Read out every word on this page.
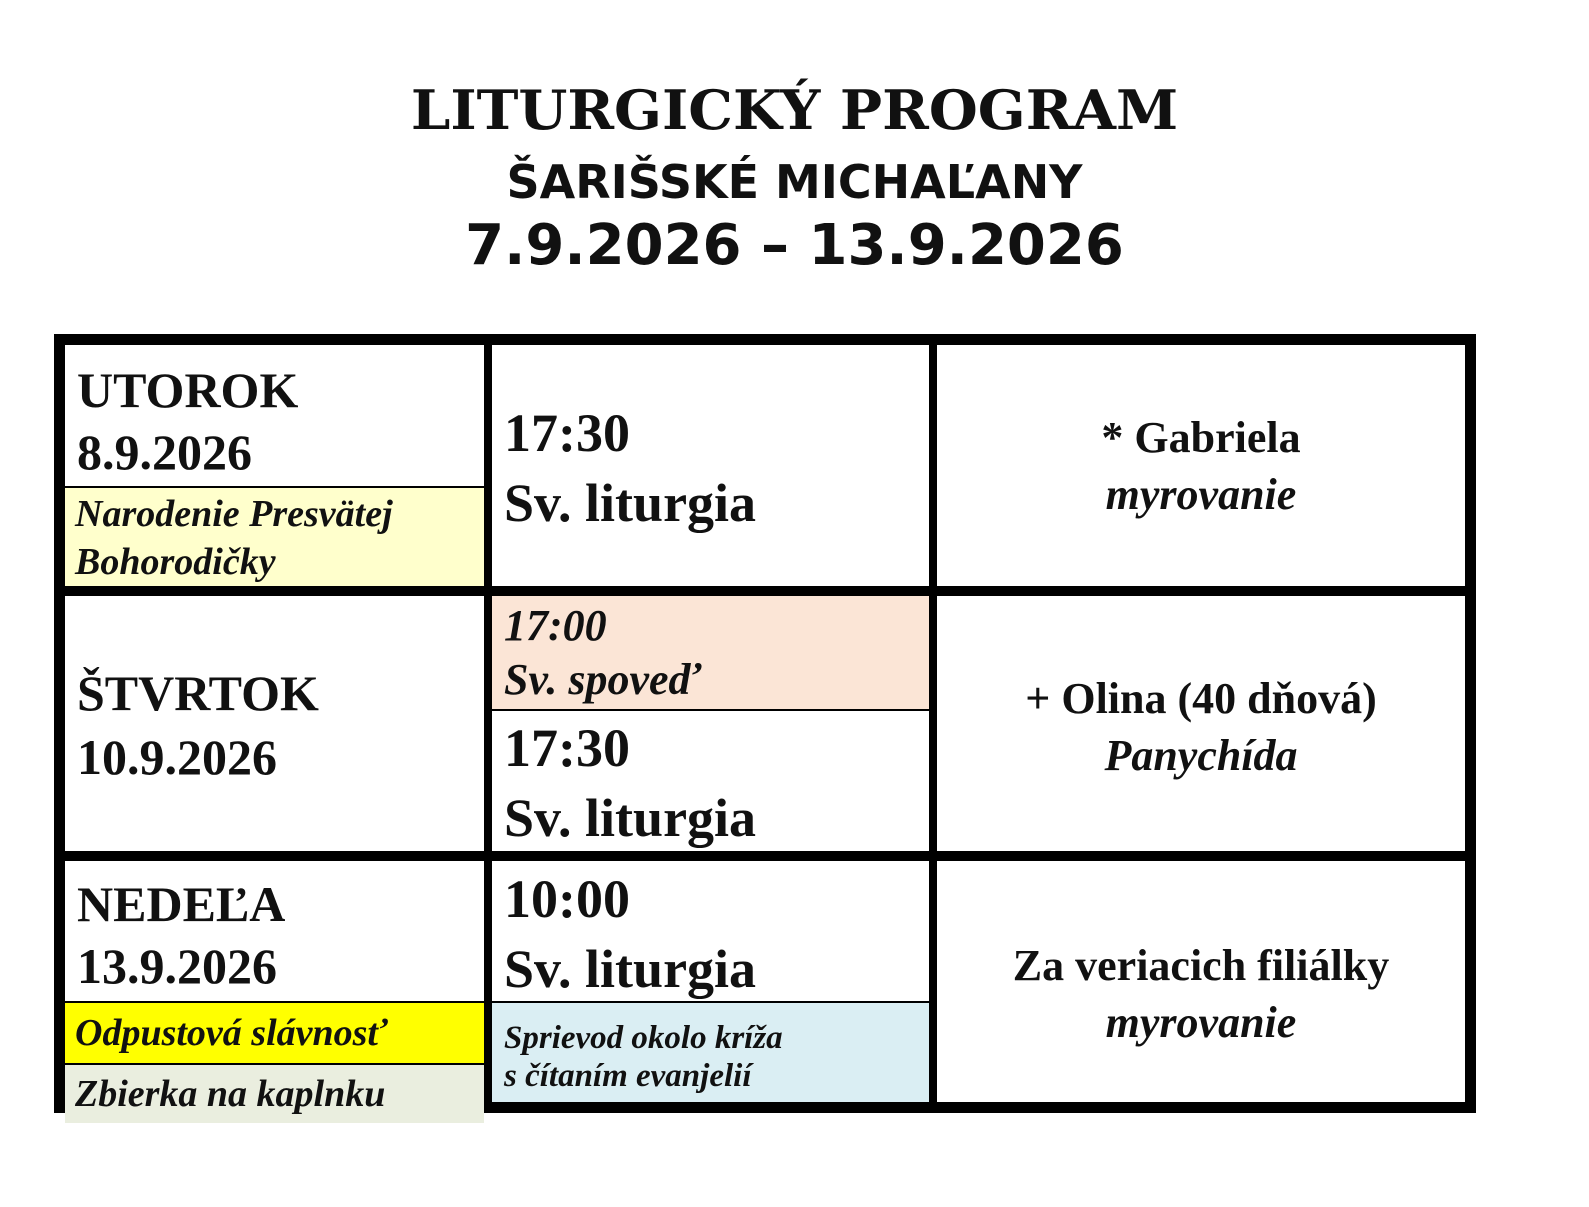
LITURGICKÝ PROGRAM
ŠARIŠSKÉ MICHAĽANY
7.9.2026 – 13.9.2026
UTOROK
8.9.2026
Narodenie Presvätej
Bohorodičky
17:30
Sv. liturgia
* Gabriela
myrovanie
ŠTVRTOK
10.9.2026
17:00
Sv. spoveď
17:30
Sv. liturgia
+ Olina (40 dňová)
Panychída
NEDEĽA
13.9.2026
Odpustová slávnosť
Zbierka na kaplnku
10:00
Sv. liturgia
Sprievod okolo kríža
s čítaním evanjelií
Za veriacich filiálky
myrovanie
